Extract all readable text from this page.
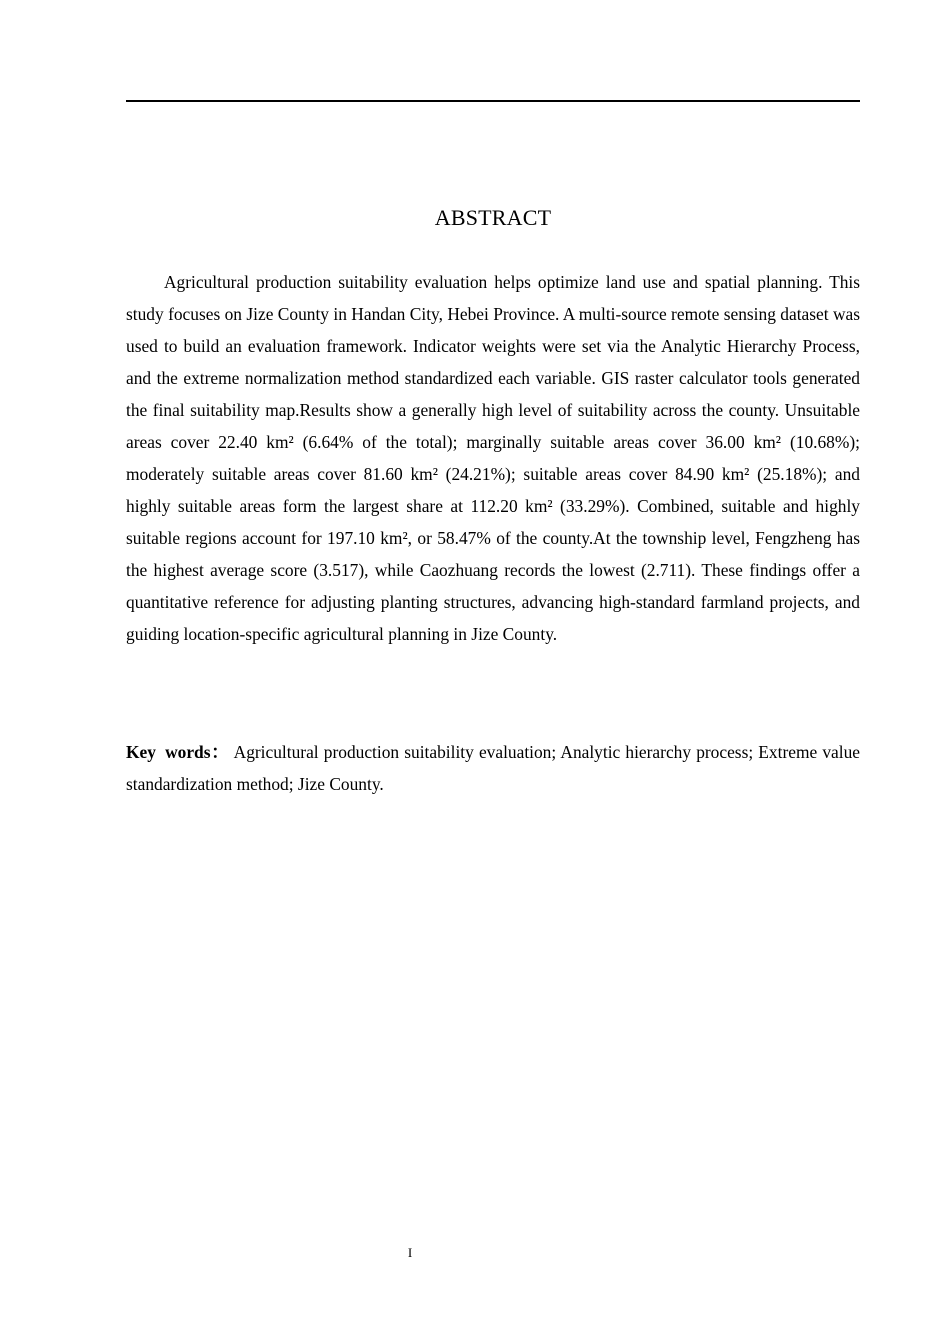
ABSTRACT

Agricultural production suitability evaluation helps optimize land use and spatial planning. This study focuses on Jize County in Handan City, Hebei Province. A multi-source remote sensing dataset was used to build an evaluation framework. Indicator weights were set via the Analytic Hierarchy Process, and the extreme normalization method standardized each variable. GIS raster calculator tools generated the final suitability map.Results show a generally high level of suitability across the county. Unsuitable areas cover 22.40 km² (6.64% of the total); marginally suitable areas cover 36.00 km² (10.68%); moderately suitable areas cover 81.60 km² (24.21%); suitable areas cover 84.90 km² (25.18%); and highly suitable areas form the largest share at 112.20 km² (33.29%). Combined, suitable and highly suitable regions account for 197.10 km², or 58.47% of the county.At the township level, Fengzheng has the highest average score (3.517), while Caozhuang records the lowest (2.711). These findings offer a quantitative reference for adjusting planting structures, advancing high-standard farmland projects, and guiding location-specific agricultural planning in Jize County.

Key words： Agricultural production suitability evaluation; Analytic hierarchy process; Extreme value standardization method; Jize County.

I
